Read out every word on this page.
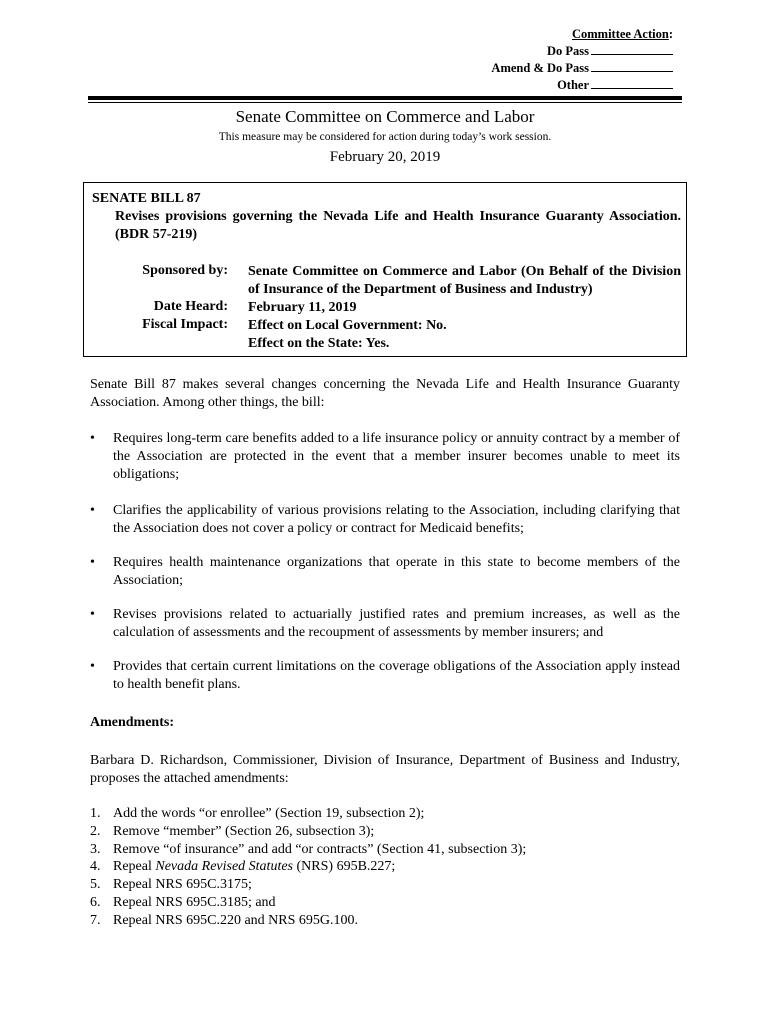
Committee Action :
Do Pass
Amend & Do Pass
Other
Senate Committee on Commerce and Labor
This measure may be considered for action during today’s work session.
February 20, 2019
SENATE BILL 87
Revises provisions governing the Nevada Life and Health Insurance Guaranty Association. (BDR 57-219)
Sponsored by: Senate Committee on Commerce and Labor (On Behalf of the Division of Insurance of the Department of Business and Industry)
Date Heard: February 11, 2019
Fiscal Impact: Effect on Local Government: No.
Effect on the State: Yes.
Senate Bill 87 makes several changes concerning the Nevada Life and Health Insurance Guaranty Association. Among other things, the bill:
• Requires long-term care benefits added to a life insurance policy or annuity contract by a member of the Association are protected in the event that a member insurer becomes unable to meet its obligations;
• Clarifies the applicability of various provisions relating to the Association, including clarifying that the Association does not cover a policy or contract for Medicaid benefits;
• Requires health maintenance organizations that operate in this state to become members of the Association;
• Revises provisions related to actuarially justified rates and premium increases, as well as the calculation of assessments and the recoupment of assessments by member insurers; and
• Provides that certain current limitations on the coverage obligations of the Association apply instead to health benefit plans.
Amendments:
Barbara D. Richardson, Commissioner, Division of Insurance, Department of Business and Industry, proposes the attached amendments:
1. Add the words “or enrollee” (Section 19, subsection 2);
2. Remove “member” (Section 26, subsection 3);
3. Remove “of insurance” and add “or contracts” (Section 41, subsection 3);
4. Repeal Nevada Revised Statutes (NRS) 695B.227;
5. Repeal NRS 695C.3175;
6. Repeal NRS 695C.3185; and
7. Repeal NRS 695C.220 and NRS 695G.100.
